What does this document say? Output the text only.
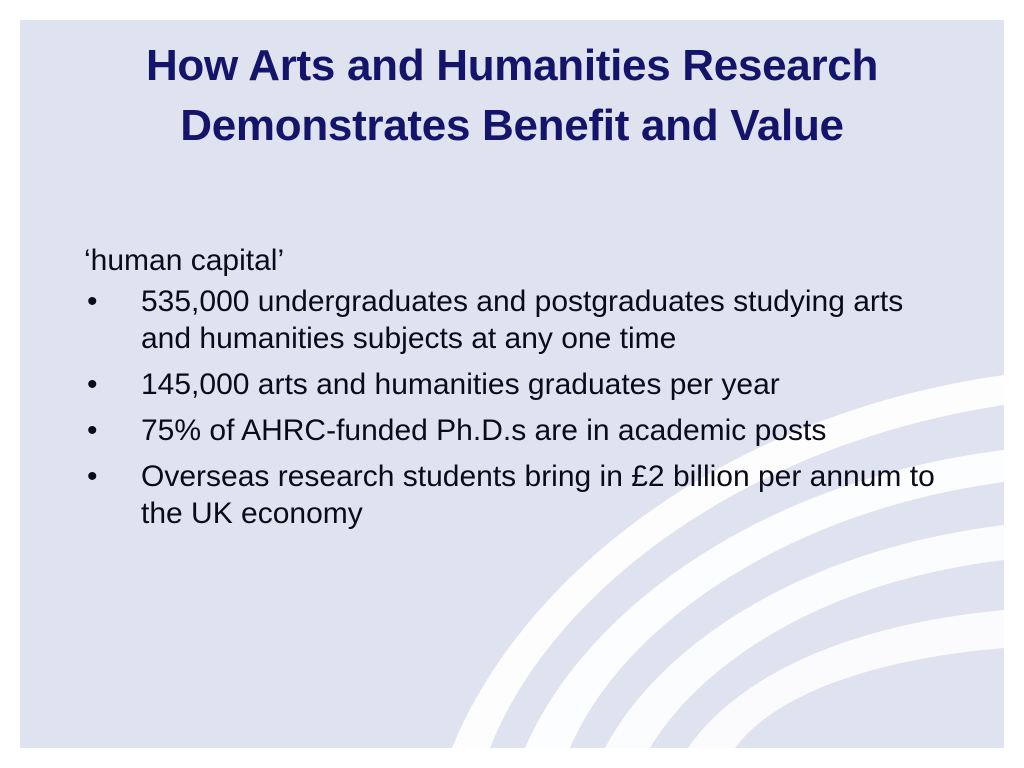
How Arts and Humanities Research
Demonstrates Benefit and Value

‘human capital’

• 535,000 undergraduates and postgraduates studying arts and humanities subjects at any one time
• 145,000 arts and humanities graduates per year
• 75% of AHRC-funded Ph.D.s are in academic posts
• Overseas research students bring in £2 billion per annum to the UK economy
